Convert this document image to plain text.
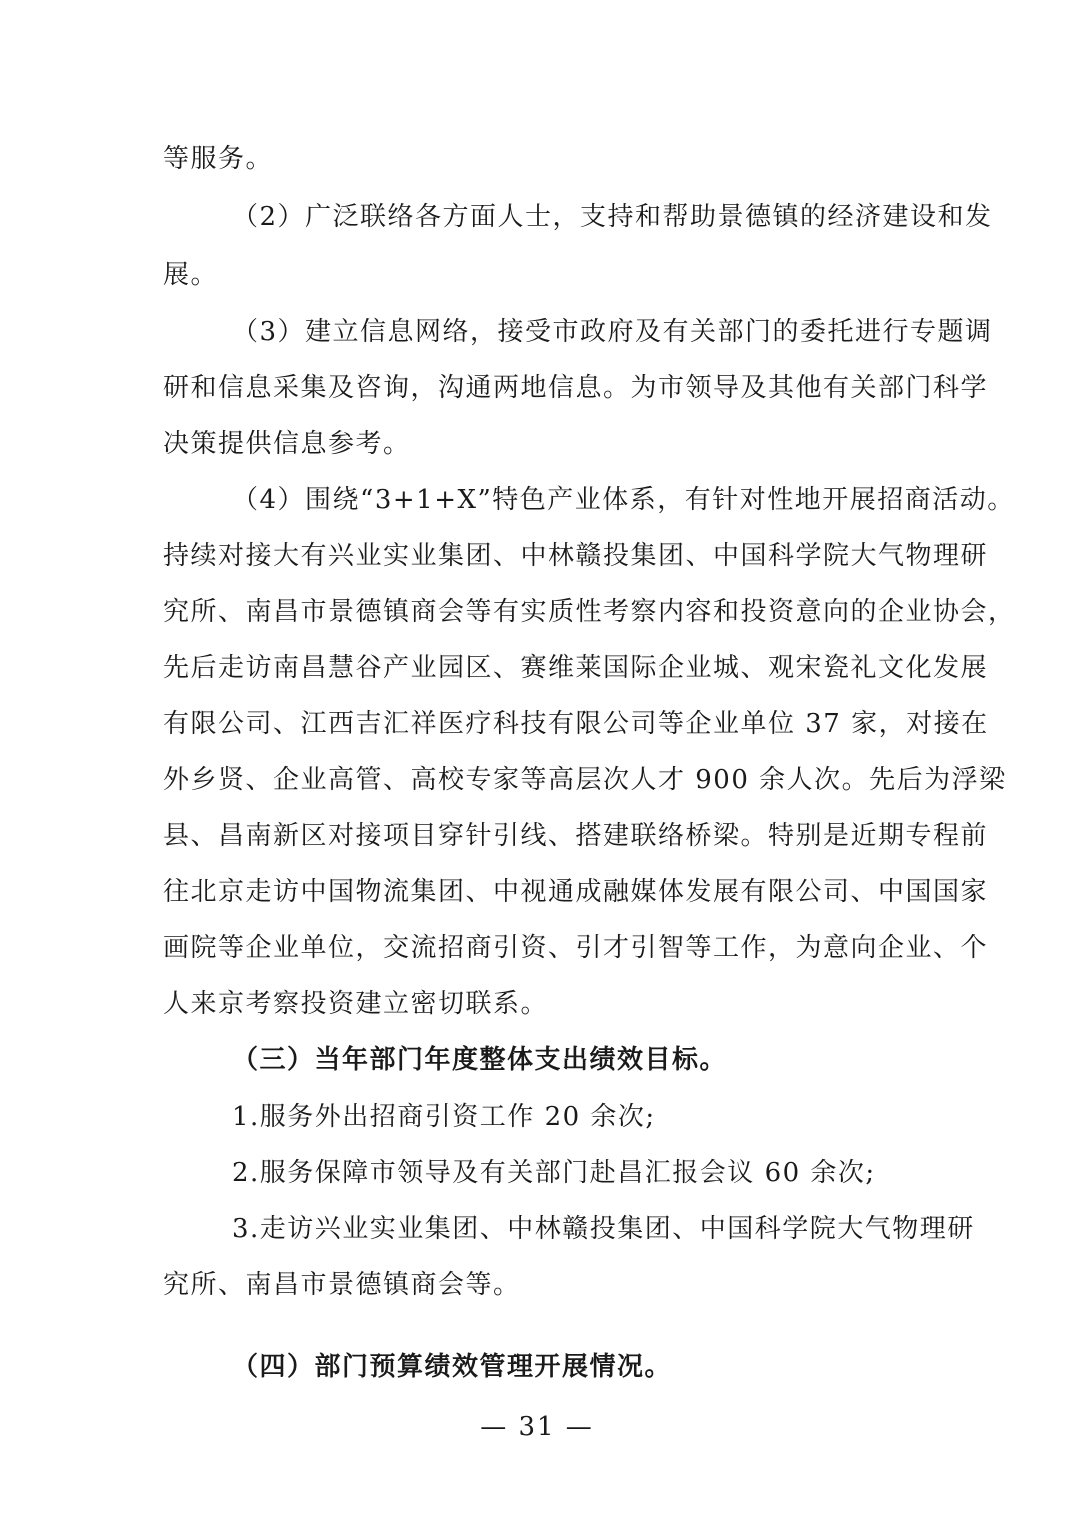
等服务。
（2）广泛联络各方面人士，支持和帮助景德镇的经济建设和发
展。
（3）建立信息网络，接受市政府及有关部门的委托进行专题调
研和信息采集及咨询，沟通两地信息。为市领导及其他有关部门科学
决策提供信息参考。
（4）围绕“3+1+X”特色产业体系，有针对性地开展招商活动。
持续对接大有兴业实业集团、中林赣投集团、中国科学院大气物理研
究所、南昌市景德镇商会等有实质性考察内容和投资意向的企业协会，
先后走访南昌慧谷产业园区、赛维莱国际企业城、观宋瓷礼文化发展
有限公司、江西吉汇祥医疗科技有限公司等企业单位 37 家，对接在
外乡贤、企业高管、高校专家等高层次人才 900 余人次。先后为浮梁
县、昌南新区对接项目穿针引线、搭建联络桥梁。特别是近期专程前
往北京走访中国物流集团、中视通成融媒体发展有限公司、中国国家
画院等企业单位，交流招商引资、引才引智等工作，为意向企业、个
人来京考察投资建立密切联系。
（三）当年部门年度整体支出绩效目标。
1.服务外出招商引资工作 20 余次;
2.服务保障市领导及有关部门赴昌汇报会议 60 余次;
3.走访兴业实业集团、中林赣投集团、中国科学院大气物理研
究所、南昌市景德镇商会等。
（四）部门预算绩效管理开展情况。
— 31 —
